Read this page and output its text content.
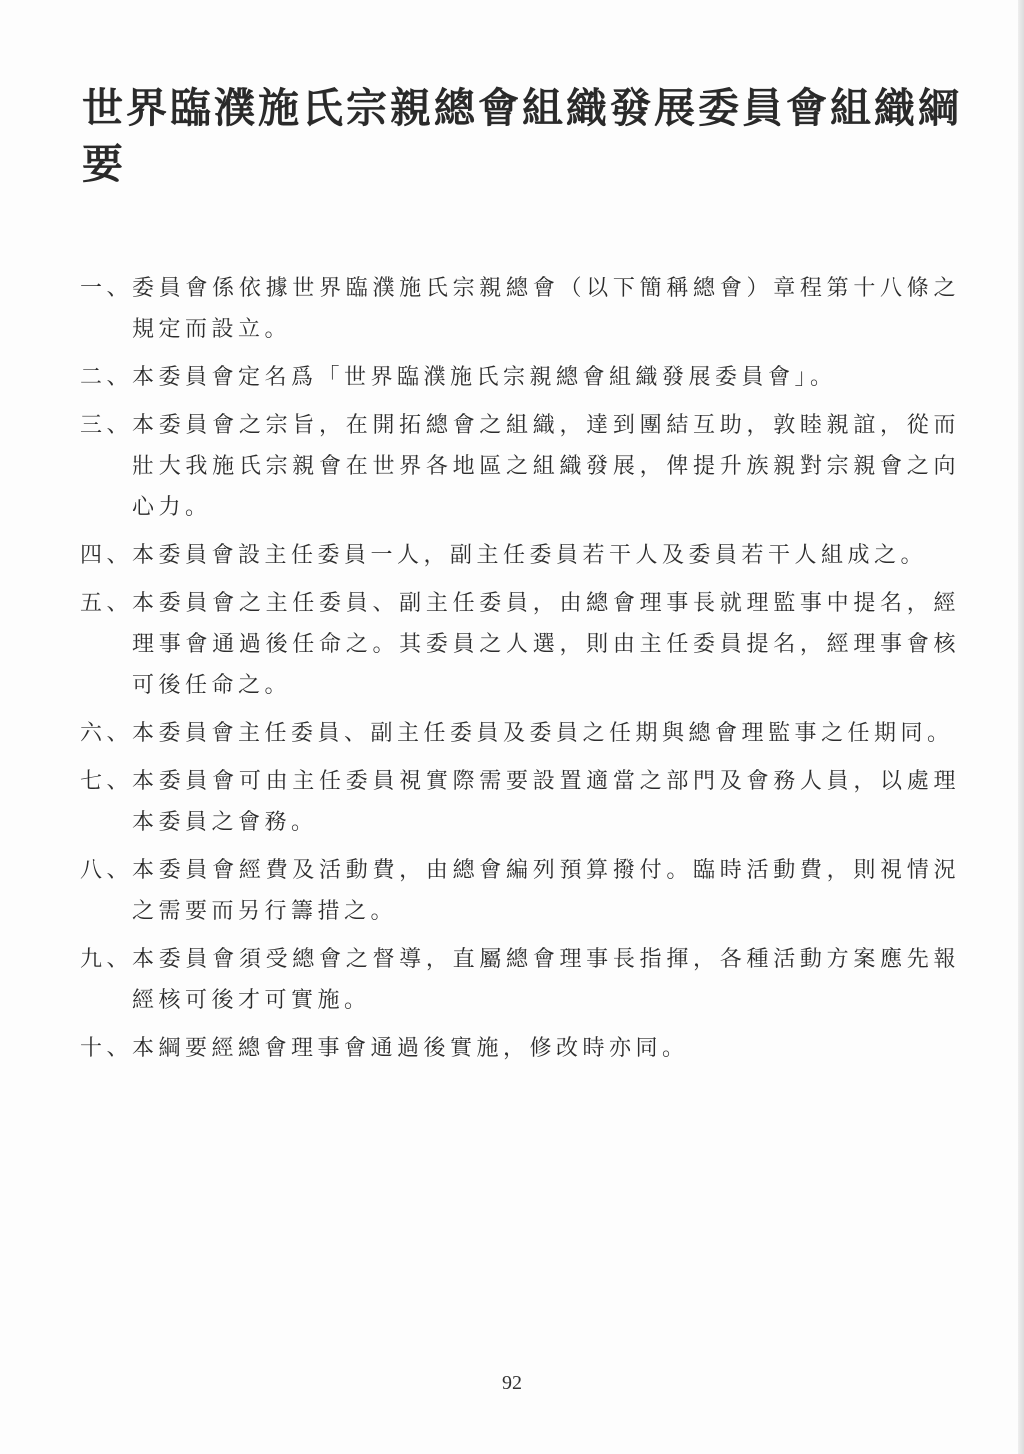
世界臨濮施氏宗親總會組織發展委員會組織綱要
一、
委員會係依據世界臨濮施氏宗親總會（以下簡稱總會）章程第十八條之規定而設立。
二、
本委員會定名爲「世界臨濮施氏宗親總會組織發展委員會」。
三、
本委員會之宗旨，在開拓總會之組織，達到團結互助，敦睦親誼，從而壯大我施氏宗親會在世界各地區之組織發展，俾提升族親對宗親會之向心力。
四、
本委員會設主任委員一人，副主任委員若干人及委員若干人組成之。
五、
本委員會之主任委員、副主任委員，由總會理事長就理監事中提名，經理事會通過後任命之。其委員之人選，則由主任委員提名，經理事會核可後任命之。
六、
本委員會主任委員、副主任委員及委員之任期與總會理監事之任期同。
七、
本委員會可由主任委員視實際需要設置適當之部門及會務人員，以處理本委員之會務。
八、
本委員會經費及活動費，由總會編列預算撥付。臨時活動費，則視情況之需要而另行籌措之。
九、
本委員會須受總會之督導，直屬總會理事長指揮，各種活動方案應先報經核可後才可實施。
十、
本綱要經總會理事會通過後實施，修改時亦同。
92
